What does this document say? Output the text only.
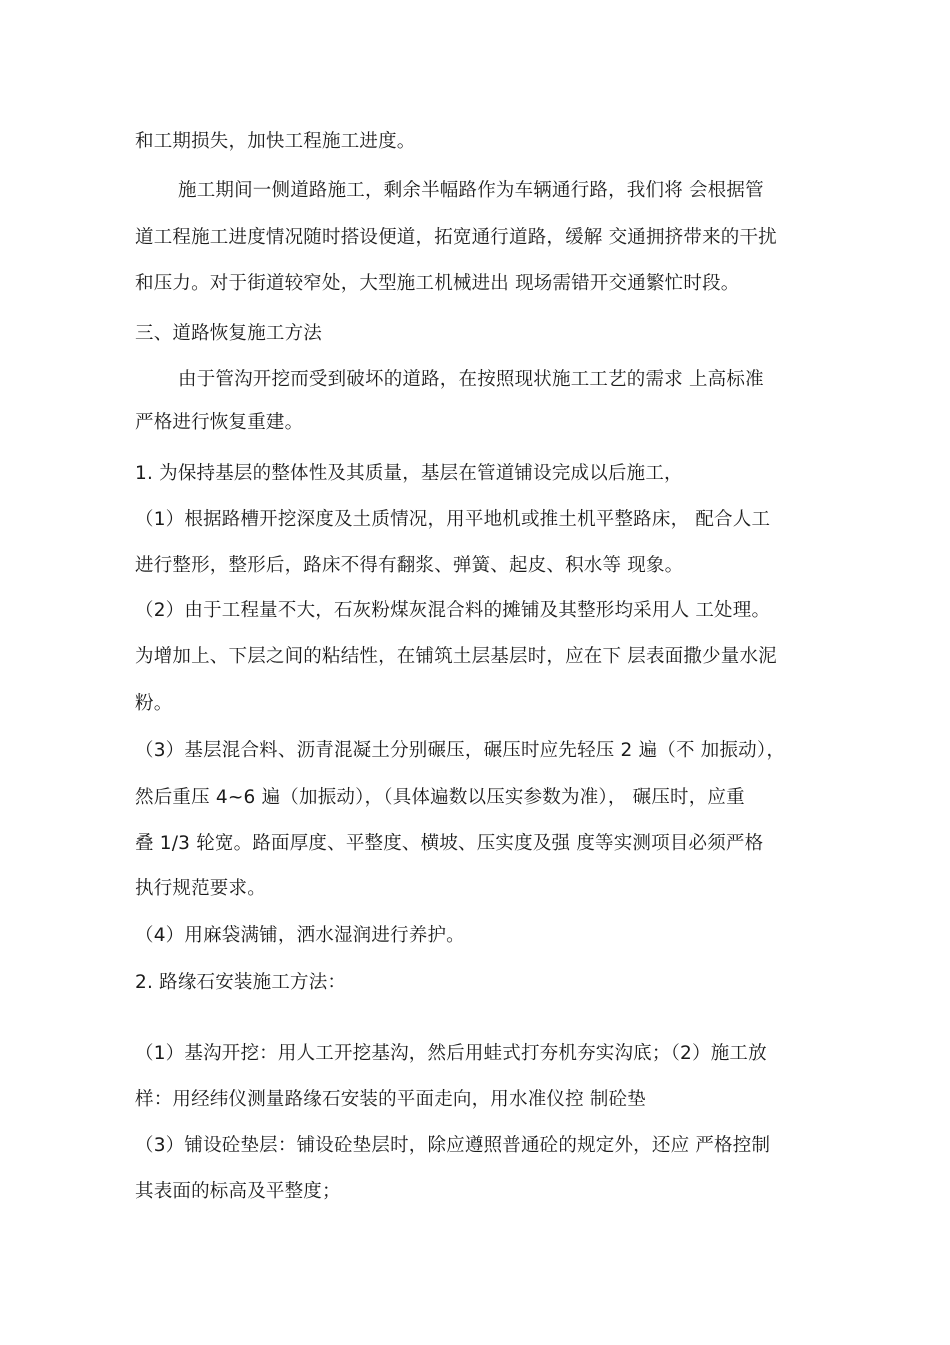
和工期损失，加快工程施工进度。
施工期间一侧道路施工，剩余半幅路作为车辆通行路，我们将 会根据管
道工程施工进度情况随时搭设便道，拓宽通行道路，缓解 交通拥挤带来的干扰
和压力。对于街道较窄处，大型施工机械进出 现场需错开交通繁忙时段。
三、道路恢复施工方法
由于管沟开挖而受到破坏的道路，在按照现状施工工艺的需求 上高标准
严格进行恢复重建。
1. 为保持基层的整体性及其质量，基层在管道铺设完成以后施工，
（1）根据路槽开挖深度及土质情况，用平地机或推土机平整路床， 配合人工
进行整形，整形后，路床不得有翻浆、弹簧、起皮、积水等 现象。
（2）由于工程量不大，石灰粉煤灰混合料的摊铺及其整形均采用人 工处理。
为增加上、下层之间的粘结性，在铺筑土层基层时，应在下 层表面撒少量水泥
粉。
（3）基层混合料、沥青混凝土分别碾压，碾压时应先轻压 2 遍（不 加振动），
然后重压 4~6 遍（加振动），（具体遍数以压实参数为准）， 碾压时，应重
叠 1/3 轮宽。路面厚度、平整度、横坡、压实度及强 度等实测项目必须严格
执行规范要求。
（4）用麻袋满铺，洒水湿润进行养护。
2. 路缘石安装施工方法：
（1）基沟开挖：用人工开挖基沟，然后用蛙式打夯机夯实沟底；（2）施工放
样：用经纬仪测量路缘石安装的平面走向，用水准仪控 制砼垫
（3）铺设砼垫层：铺设砼垫层时，除应遵照普通砼的规定外，还应 严格控制
其表面的标高及平整度；
